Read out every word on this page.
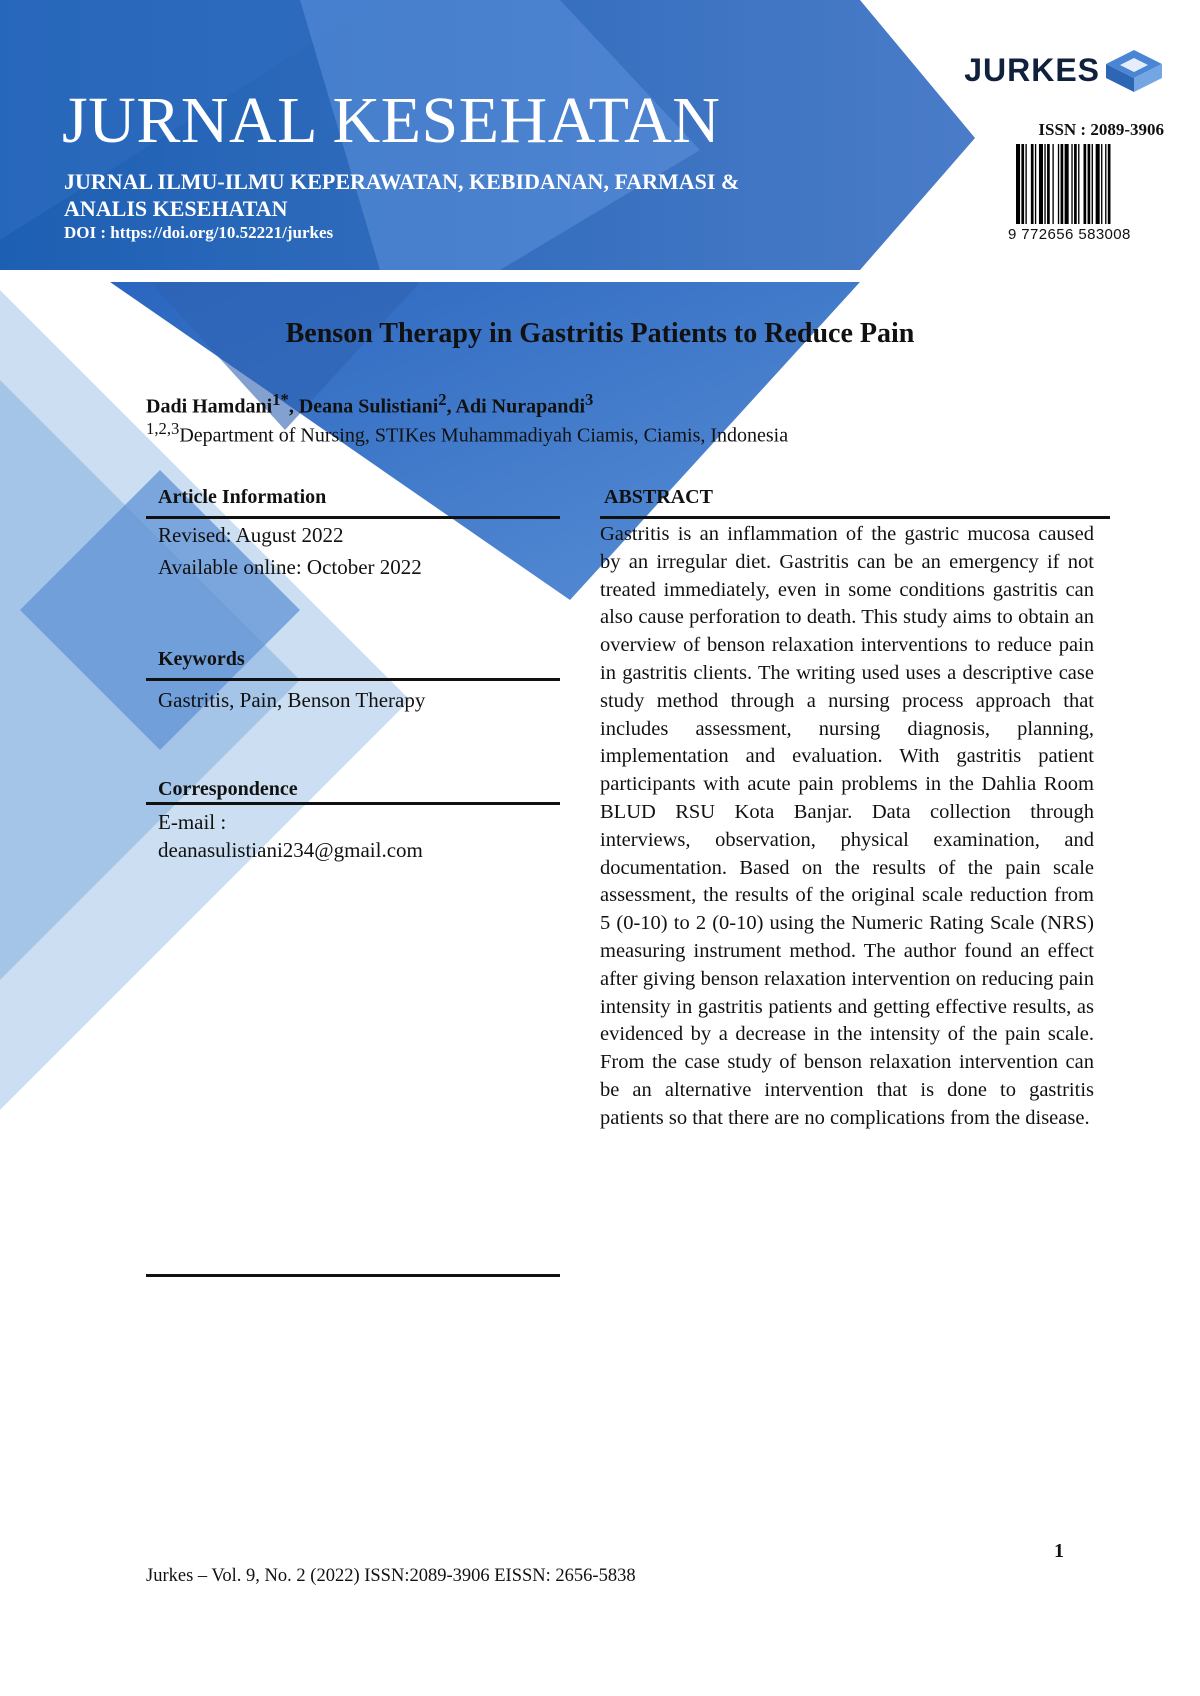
JURNAL KESEHATAN
JURNAL ILMU-ILMU KEPERAWATAN, KEBIDANAN, FARMASI & ANALIS KESEHATAN
DOI : https://doi.org/10.52221/jurkes
JURKES
ISSN : 2089-3906
9 772656 583008
Benson Therapy in Gastritis Patients to Reduce Pain
Dadi Hamdani$^{1*}$, Deana Sulistiani$^2$, Adi Nurapandi$^3$
$^{1,2,3}$Department of Nursing, STIKes Muhammadiyah Ciamis, Ciamis, Indonesia
Article Information
Revised: August 2022
Available online: October 2022
Keywords
Gastritis, Pain, Benson Therapy
Correspondence
E-mail :
deanasulistiani234@gmail.com
ABSTRACT
Gastritis is an inflammation of the gastric mucosa caused by an irregular diet. Gastritis can be an emergency if not treated immediately, even in some conditions gastritis can also cause perforation to death. This study aims to obtain an overview of benson relaxation interventions to reduce pain in gastritis clients. The writing used uses a descriptive case study method through a nursing process approach that includes assessment, nursing diagnosis, planning, implementation and evaluation. With gastritis patient participants with acute pain problems in the Dahlia Room BLUD RSU Kota Banjar. Data collection through interviews, observation, physical examination, and documentation. Based on the results of the pain scale assessment, the results of the original scale reduction from 5 (0-10) to 2 (0-10) using the Numeric Rating Scale (NRS) measuring instrument method. The author found an effect after giving benson relaxation intervention on reducing pain intensity in gastritis patients and getting effective results, as evidenced by a decrease in the intensity of the pain scale. From the case study of benson relaxation intervention can be an alternative intervention that is done to gastritis patients so that there are no complications from the disease.
1
Jurkes – Vol. 9, No. 2 (2022) ISSN:2089-3906 EISSN: 2656-5838
